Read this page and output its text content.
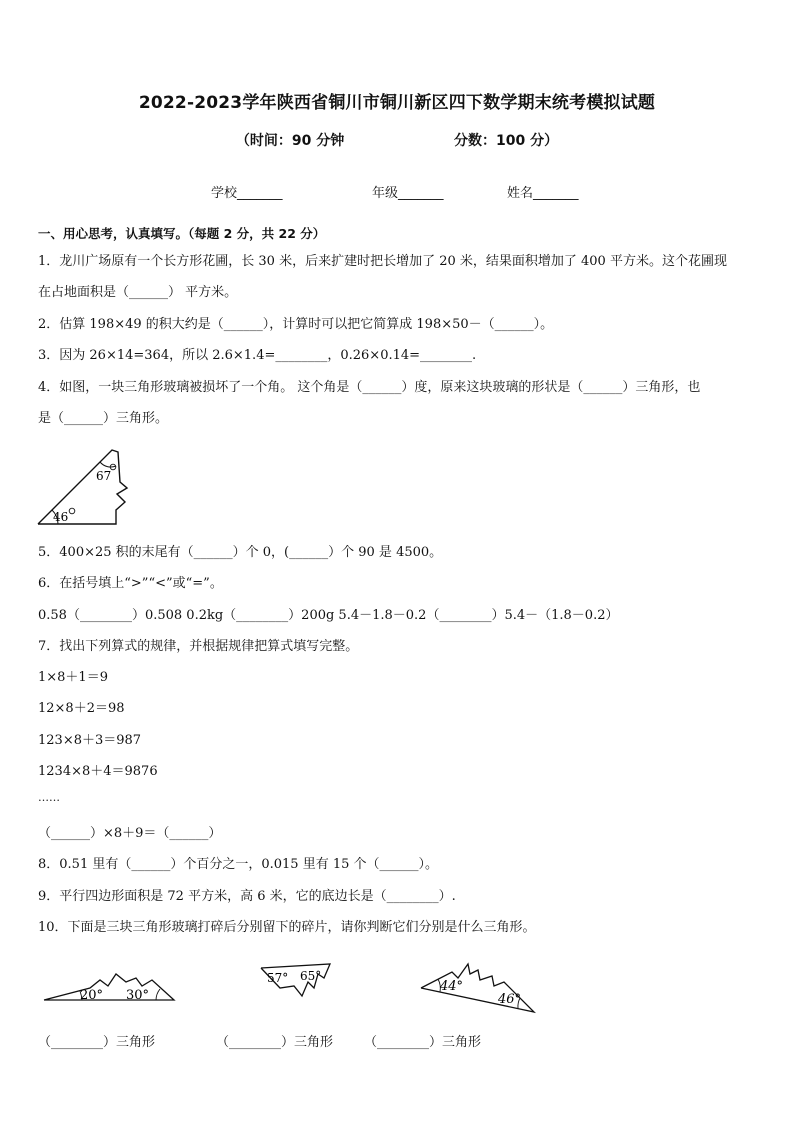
2022-2023学年陕西省铜川市铜川新区四下数学期末统考模拟试题
（时间：90 分钟	分数：100 分）
学校_______	年级_______	姓名_______
一、用心思考，认真填写。（每题 2 分，共 22 分）
1．龙川广场原有一个长方形花圃，长 30 米，后来扩建时把长增加了 20 米，结果面积增加了 400 平方米。这个花圃现
在占地面积是（______） 平方米。
2．估算 198×49 的积大约是（______），计算时可以把它简算成 198×50－（______）。
3．因为 26×14=364，所以 2.6×1.4=________，0.26×0.14=________.
4．如图，一块三角形玻璃被损坏了一个角。 这个角是（______）度，原来这块玻璃的形状是（______）三角形，也
是（______）三角形。
67
46
5．400×25 积的末尾有（______）个 0，(______）个 90 是 4500。
6．在括号填上“>”“<”或“=”。
0.58（________）0.508 0.2kg（________）200g 5.4－1.8－0.2（________）5.4－（1.8－0.2）
7．找出下列算式的规律，并根据规律把算式填写完整。
1×8＋1＝9
12×8＋2＝98
123×8＋3＝987
1234×8＋4＝9876
……
（______）×8＋9＝（______）
8．0.51 里有（______）个百分之一，0.015 里有 15 个（______）。
9．平行四边形面积是 72 平方米，高 6 米，它的底边长是（________）.
10．下面是三块三角形玻璃打碎后分别留下的碎片，请你判断它们分别是什么三角形。
20° 30°
57° 65°
44°
46°
（________）三角形	（________）三角形 （________）三角形
